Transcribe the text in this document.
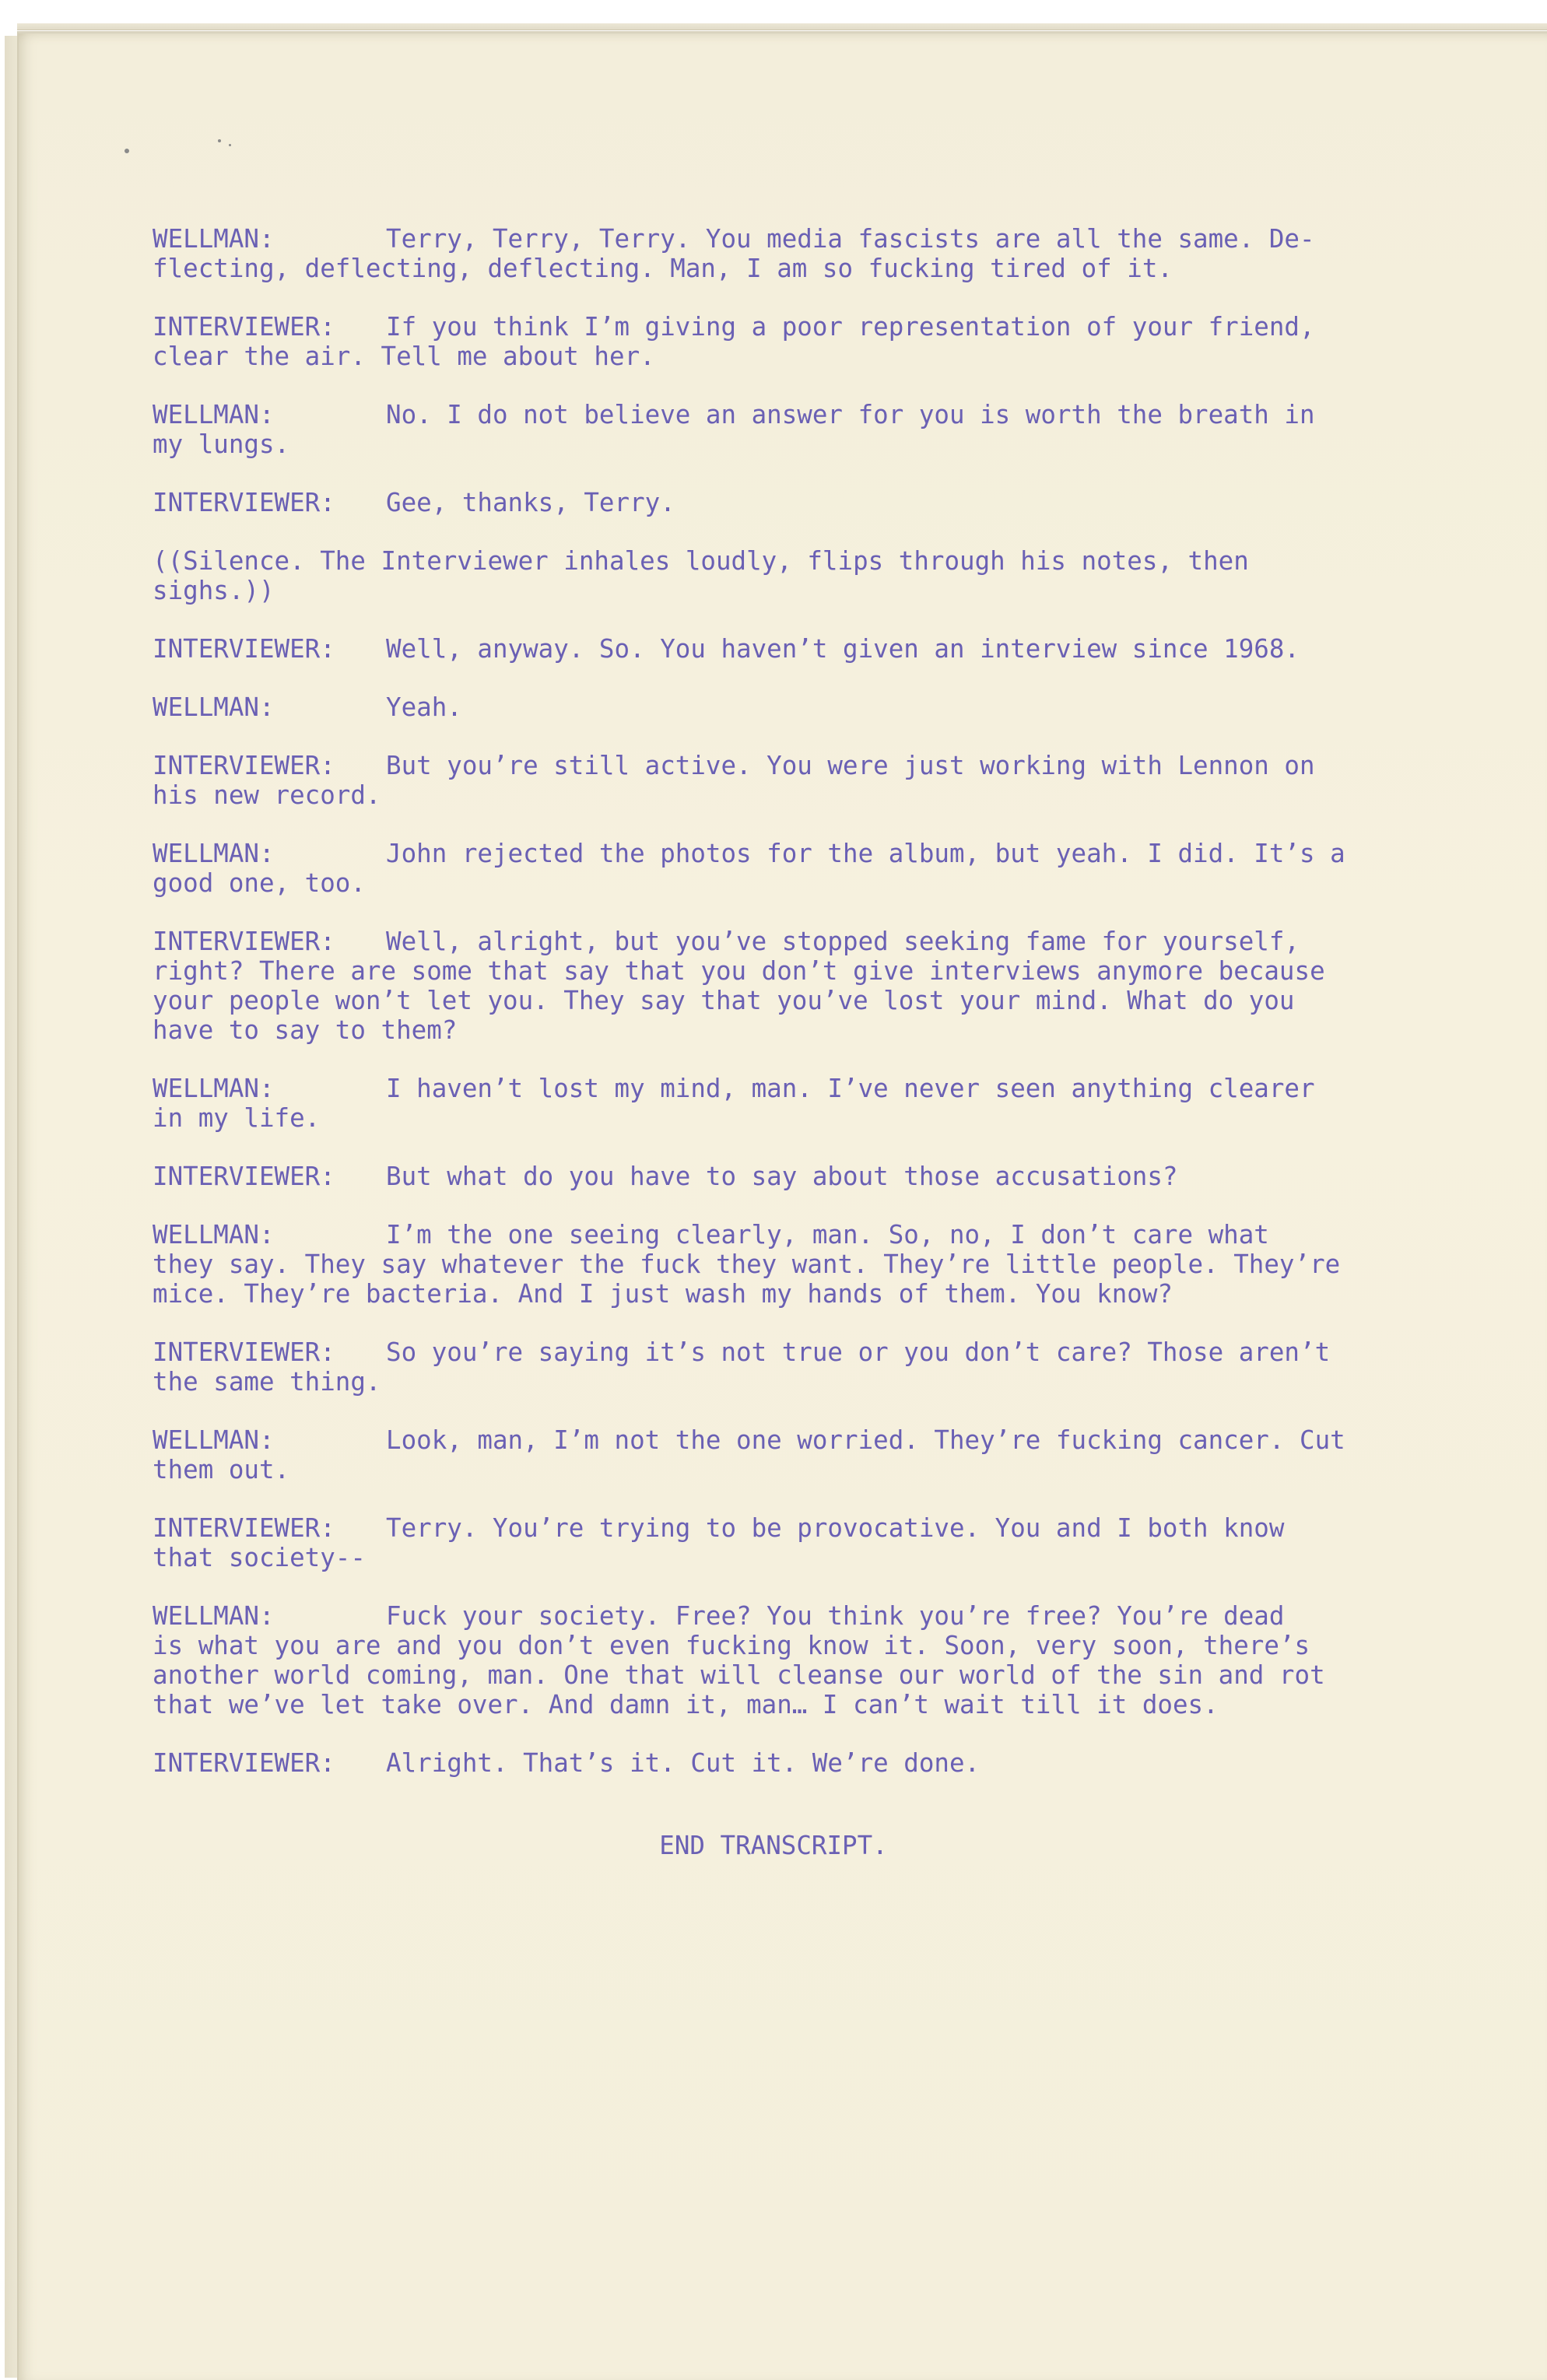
WELLMAN:	Terry, Terry, Terry. You media fascists are all the same. De-
flecting, deflecting, deflecting. Man, I am so fucking tired of it.
INTERVIEWER: If you think I’m giving a poor representation of your friend,
clear the air. Tell me about her.
WELLMAN:	No. I do not believe an answer for you is worth the breath in
my lungs.
INTERVIEWER: Gee, thanks, Terry.
((Silence. The Interviewer inhales loudly, flips through his notes, then
sighs.))
INTERVIEWER: Well, anyway. So. You haven’t given an interview since 1968.
WELLMAN:	Yeah.
INTERVIEWER: But you’re still active. You were just working with Lennon on
his new record.
WELLMAN:	John rejected the photos for the album, but yeah. I did. It’s a
good one, too.
INTERVIEWER: Well, alright, but you’ve stopped seeking fame for yourself,
right? There are some that say that you don’t give interviews anymore because
your people won’t let you. They say that you’ve lost your mind. What do you
have to say to them?
WELLMAN:	I haven’t lost my mind, man. I’ve never seen anything clearer
in my life.
INTERVIEWER: But what do you have to say about those accusations?
WELLMAN:	I’m the one seeing clearly, man. So, no, I don’t care what
they say. They say whatever the fuck they want. They’re little people. They’re
mice. They’re bacteria. And I just wash my hands of them. You know?
INTERVIEWER: So you’re saying it’s not true or you don’t care? Those aren’t
the same thing.
WELLMAN:	Look, man, I’m not the one worried. They’re fucking cancer. Cut
them out.
INTERVIEWER: Terry. You’re trying to be provocative. You and I both know
that society--
WELLMAN:	Fuck your society. Free? You think you’re free? You’re dead
is what you are and you don’t even fucking know it. Soon, very soon, there’s
another world coming, man. One that will cleanse our world of the sin and rot
that we’ve let take over. And damn it, man… I can’t wait till it does.
INTERVIEWER: Alright. That’s it. Cut it. We’re done.
END TRANSCRIPT.
